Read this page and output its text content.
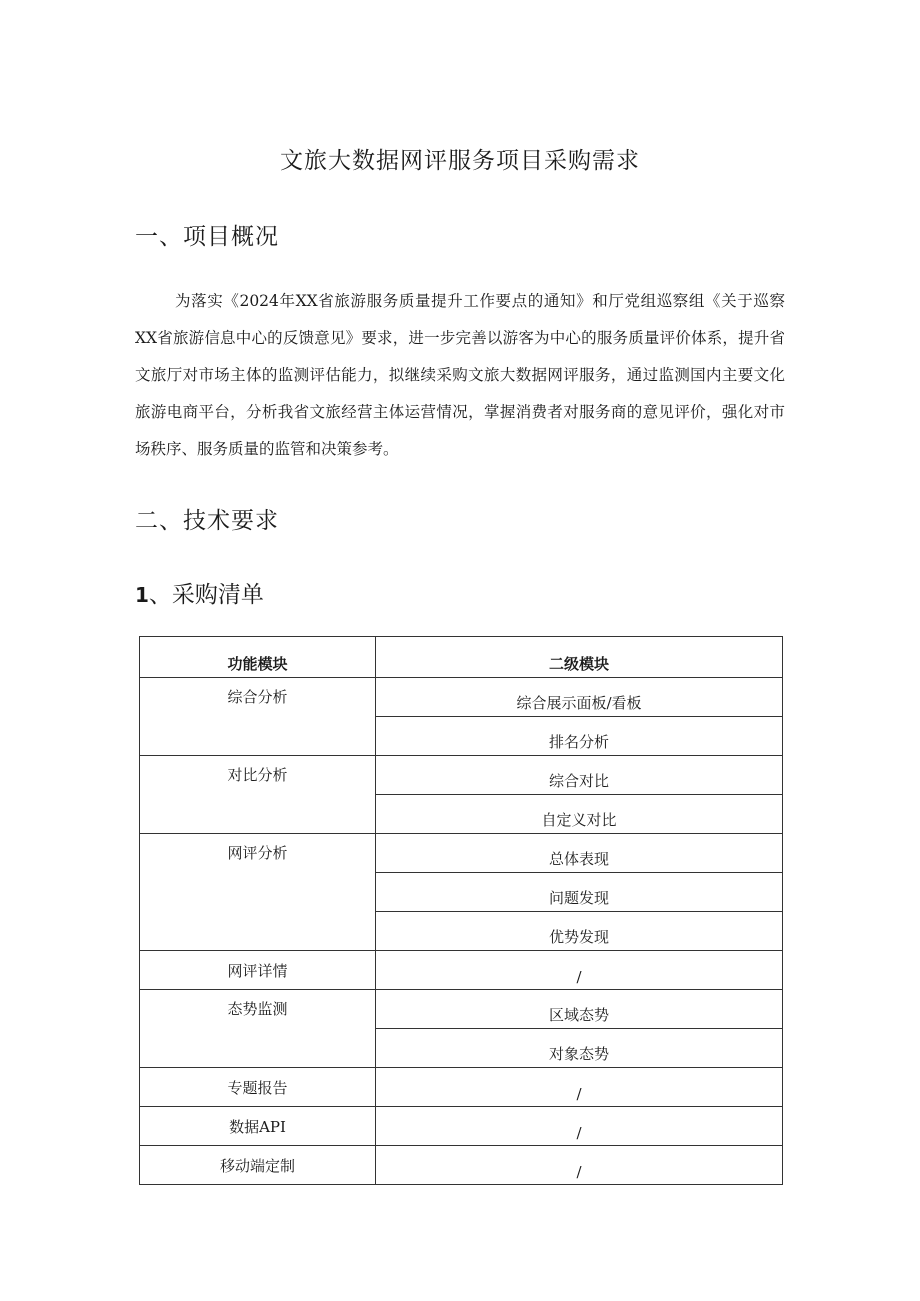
文旅大数据网评服务项目采购需求
一、项目概况

为落实《2024年XX省旅游服务质量提升工作要点的通知》和厅党组巡察组《关于巡察XX省旅游信息中心的反馈意见》要求，进一步完善以游客为中心的服务质量评价体系，提升省文旅厅对市场主体的监测评估能力，拟继续采购文旅大数据网评服务，通过监测国内主要文化旅游电商平台，分析我省文旅经营主体运营情况，掌握消费者对服务商的意见评价，强化对市场秩序、服务质量的监管和决策参考。

二、技术要求
1、采购清单
功能模块	二级模块
综合分析	综合展示面板/看板
	排名分析
对比分析	综合对比
	自定义对比
网评分析	总体表现
	问题发现
	优势发现
网评详情	/
态势监测	区域态势
	对象态势
专题报告	/
数据API	/
移动端定制	/
